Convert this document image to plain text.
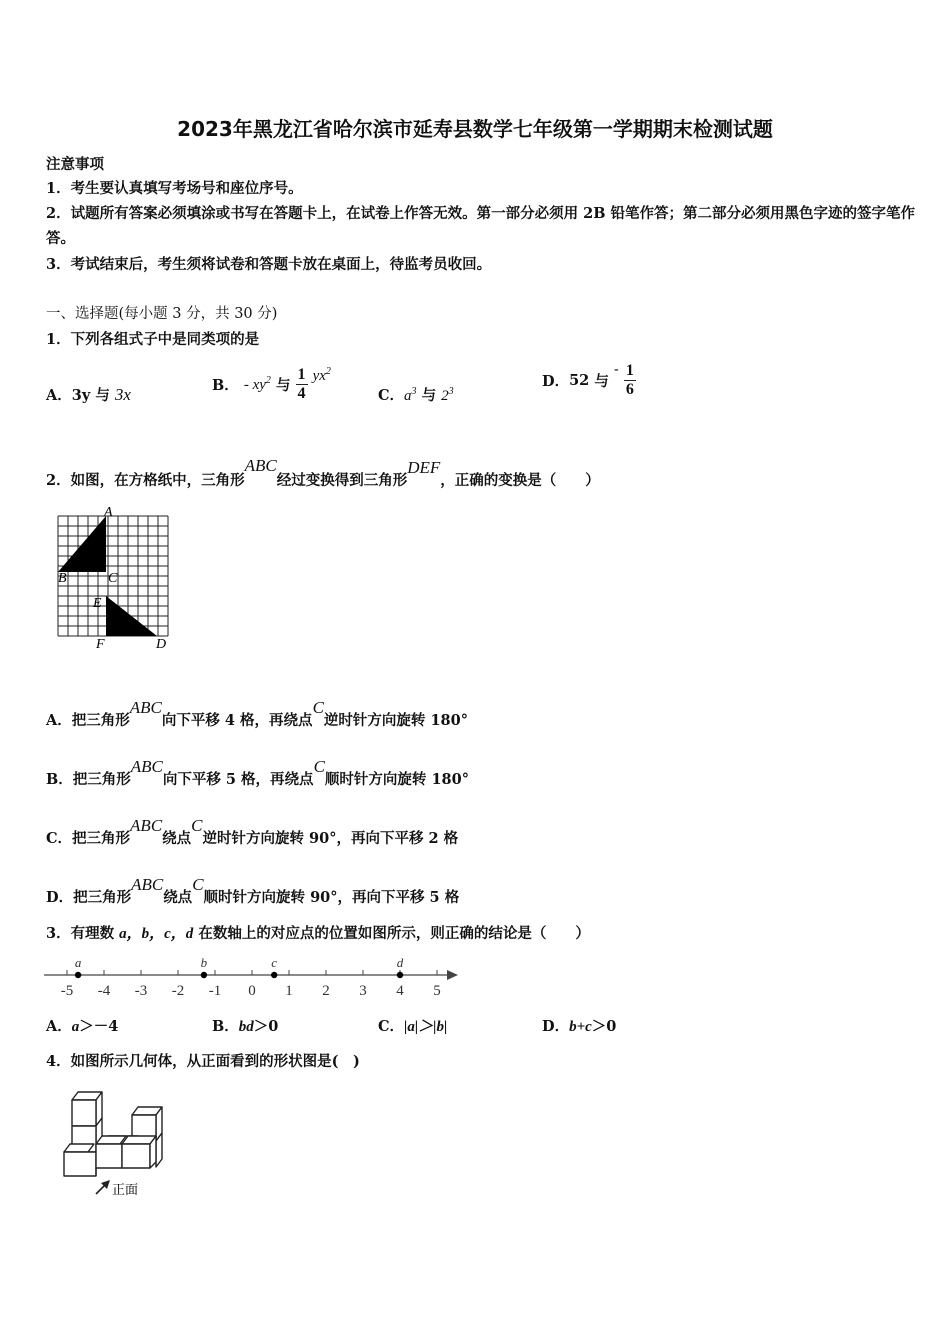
2023年黑龙江省哈尔滨市延寿县数学七年级第一学期期末检测试题
注意事项
1．考生要认真填写考场号和座位序号。
2．试题所有答案必须填涂或书写在答题卡上，在试卷上作答无效。第一部分必须用 2B 铅笔作答；第二部分必须用黑色字迹的签字笔作答。
3．考试结束后，考生须将试卷和答题卡放在桌面上，待监考员收回。
一、选择题(每小题 3 分，共 30 分)
1．下列各组式子中是同类项的是
A．3y 与 3x	B． - $xy^2$ 与 $\frac{1}{4} yx^2$
C．$a^3$ 与 $2^3$
D．52 与 - $\frac{1}{6}$
2．如图，在方格纸中，三角形ABC经过变换得到三角形DEF，正确的变换是（　　）
A
B	C
E
F	D
A．把三角形ABC向下平移 4 格，再绕点C逆时针方向旋转 180°
B．把三角形ABC向下平移 5 格，再绕点C顺时针方向旋转 180°
C．把三角形ABC绕点C逆时针方向旋转 90°，再向下平移 2 格
D．把三角形ABC绕点C顺时针方向旋转 90°，再向下平移 5 格
3．有理数 a，b，c，d 在数轴上的对应点的位置如图所示，则正确的结论是（　　）
-5 -4 -3 -2 -1 0 1 2 3 4 5
a	b	c	d
A．a＞－4	B．bd＞0	C．|a|＞|b|	D．b+c＞0
4．如图所示几何体，从正面看到的形状图是(　)
正面
